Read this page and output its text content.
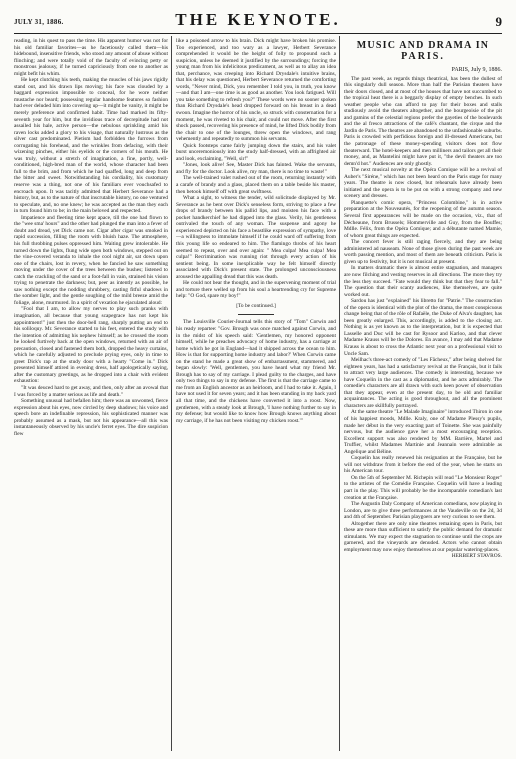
JULY 31, 1886.	THE KEYNOTE.	9

reading, in his quest to pass the time. His apparent humor was not for his old familiar favorites—as he facetiously called them—his hidebound, insensitive friends, who stood any amount of abuse without flinching; and were totally void of the faculty of evincing petty or monstrous jealousy, if he turned capriciously from one to another as might befit his whim.

He kept clutching his teeth, making the muscles of his jaws rigidly stand out, and his drawn lips moving; his face was clouded by a haggard expression impossible to conceal, for he wore neither mustache nor beard; possessing regular handsome features so fashion had ever deluded him into covering up—it might be vanity, it might be merely preference and confirmed habit. Time had marked its fifty-seventh year for him, but the invidious trace of decrepitude had not assailed his hale, active person—the nebulous sprinkling amid his raven locks added a glory to his visage, that naturally lustrous as the silver cast predominated. Pietism had forbidden the furrows from corrugating his forehead, and the wrinkles from defacing, with their wizening pinches, either his eyelids or the corners of his mouth. He was truly, without a stretch of imagination, a fine, portly, well-conditioned, high-bred man of the world, whose character had been full to the brim, and from which he had quaffed, long and deep from the bitter and sweet. Notwithstanding his cordiality, his customary reserve was a thing, not one of his familiars ever vouchsafed to encroach upon. It was tacitly admitted that Herbert Severance had a history, but, as to the nature of that inscrutable history, no one ventured to speculate, and, no one knew; he was accepted as the man they each in turn found him to be; in the main beloved and respected.

Impatience and fleeting time kept apace, till the one had flown to the "wee sma' hours" and the other had plunged the man into a fever of doubt and dread, yet Dick came not. Cigar after cigar was smoked in rapid succession, filling the room with bluish haze. The atmosphere, his full throbbing pulses oppressed him. Waiting grew intolerable. He turned down the lights, flung wide open both windows, stepped out on the vine-covered veranda to inhale the cool night air, sat down upon one of the chairs, lost in revery, when he fancied he saw something moving under the cover of the trees between the bushes; listened to catch the crackling of the sand or a foot-fall in vain, strained his vision trying to penetrate the darkness; but, peer as intently as possible, he saw nothing except the nodding shrubbery, casting fitful shadows in the somber light, and the gentle soughing of the mild breeze amid the foliage, alone, murmured. In a spirit of vexation he ejaculated aloud:

"Fool that I am, to allow my nerves to play such pranks with imagination, all because that young scapegrace has not kept his appointment!" just then the door-bell rang, sharply putting an end to his soliloquy. Mr. Severance started to his feet, entered the study with the intention of admitting his nephew himself; as he crossed the room he looked furtively back at the open windows, returned with an air of precaution, closed and fastened them both, dropped the heavy curtains, which he carefully adjusted to preclude prying eyes, only in time to greet Dick's rap at the study door with a hearty "Come in." Dick presented himself attired in evening dress, half apologetically saying, after the customary greetings, as he dropped into a chair with evident exhaustion:

"It was deuced hard to get away, and then, only after an avowal that I was forced by a matter serious as life and death."

Something unusual had befallen him; there was an unwonted, fierce expression about his eyes, now circled by deep shadows; his voice and speech bore an indefinable repression, his sophisticated manner was probably assumed as a mask, but not his appearance—all this was instantaneously observed by his uncle's ferret eyes. The dire suspicion flew

like a poisoned arrow to his brain. Dick might have broken his promise. Too experienced, and too wary as a lawyer, Herbert Severance comprehended it would be the height of folly to propound such a suspicion, unless he deemed it justified by the surroundings; forcing the young man from his infelicitous predicament, as well as to allay an idea that, perchance, was creeping into Richard Drysdale's intuitive brains, that his delay was questioned, Herbert Severance returned the comforting words, "Never mind, Dick, you remember I told you, in truth, you know—and that I am—one time is as good as another. You look fatigued. Will you take something to refresh you?" These words were no sooner spoken than Richard Drysdale's head dropped forward on his breast in a dead swoon. Imagine the horror of his uncle, so struck with consternation for a moment, he was riveted to his chair, and could not move. After the first shock passed, recovering his presence of mind, he lifted Dick bodily from the chair to one of the lounges, threw open the windows, and rang vehemently and repeatedly to summon his servants.

Quick footsteps came fairly jumping down the stairs, and his valet burst unceremoniously into the study half-dressed, with an affrighted air and look, exclaiming, "Well, sir!"

"Jones, look alive! See, Master Dick has fainted. Wake the servants, and fly for the doctor. Look alive, my man, there is no time to waste!"

The well-trained valet rushed out of the room, returning instantly with a carafe of brandy and a glass, placed them on a table beside his master, then betook himself off with great swiftness.

What a sight, to witness the tender, wild solicitude displayed by Mr. Severance as he bent over Dick's senseless form, striving to place a few drops of brandy between his pallid lips, and moisten his face with a pocket handkerchief he had dipped into the glass. Verily, his gentleness outrivaled the touch of any woman. The suspense and agony he experienced depicted on his face a beastlike expression of sympathy, love—a willingness to immolate himself if he could ward off suffering from this young life so endeared to him. The flamingo throbs of his heart seemed to repeat, over and over again: " Mea culpa! Mea culpa! Mea culpa!" Recrimination was running riot through every action of his sentient being. In some inexplicable way he felt himself directly associated with Dick's present state. The prolonged unconsciousness aroused the appalling dread that this was death.

He could not bear the thought, and in the supervening moment of trial and torture there welled up from his soul a heartrending cry for Supreme help: "O God, spare my boy!"

[To be continued.]

The Louisville Courier-Journal tells this story of "Tom" Corwin and his ready repartee: "Gov. Brough was once matched against Corwin, and in the midst of his speech said: 'Gentlemen, my honored opponent himself, while he preaches advocacy of home industry, has a carriage at home which he got in England—had it shipped across the ocean to him. How is that for supporting home industry and labor?' When Corwin came on the stand he made a great show of embarrassment, stammered, and began slowly: 'Well, gentlemen, you have heard what my friend Mr. Brough has to say of my carriage. I plead guilty to the charges, and have only two things to say in my defense. The first is that the carriage came to me from an English ancestor as an heirloom, and I had to take it. Again, I have not used it for seven years; and it has been standing in my back yard all that time, and the chickens have converted it into a roost. Now, gentlemen, with a steady look at Brough, 'I have nothing further to say in my defense; but would like to know how Brough knows anything about my carriage, if he has not been visiting my chicken roost.'"

MUSIC AND DRAMA IN
PARIS.
PARIS, July 9, 1886.

The past week, as regards things theatrical, has been the dullest of this singularly dull season. More than half the Parisian theaters have their doors closed, and at most of the houses that have not succumbed to the tropical heat there is a beggarly display of empty benches. In such weather people who can afford to pay for their boxes and stalls studiously avoid the theaters altogether, and the bourgeoisie of the pit and gamins of the celestial regions prefer the gayeties of the boulevards and the al fresco attractions of the café's chantant, the cirque and the Jardin de Paris. The theatres are abandoned to the unfashionable suburbs. Paris is crowded with perfidious foreign and ill-dressed Americans, but the patronage of these money-spending visitors does not flow theaterward. The hotel-keepers and men milliners and tailors get all their money, and, as Mantelini might have put it, "the devil theaters are too demn'd hot." Audiences are only ghostly.

The next musical novelty at the Opéra Comique will be a revival of Auber's "Siréne," which has not been heard on the Paris stage for many years. The theatre is now closed, but rehearsals have already been initiated and the opera is to be put on with a strong company and new scenery and dresses.

Planquette's comic opera, "Princess Colombine," is in active preparation at the Nouveautés, for the reopening of the autumn season. Several first appearances will be made on the occasion, viz., that of Décheaune, from Brussels; Hommerville and Guy, from the Bouffes; Mdlle. Félix, from the Opéra Comique; and a débutante named Mamie, of whom great things are expected.

The concert fever is still raging fiercely, and they are being administered ad nauseam. None of those given during the past week are worth passing mention, and most of them are beneath criticism. Paris is given up to festivity, but it is not musical at present.

In matters dramatic there is almost entire stagnation, and managers are now filching and vesting reserves in all directions. The more they try the less they succeed. "Fate would they think but that they fear to fall." The question that their scanty audiences, like themselves, are quite worked out.

Sardou has just "explained" his libretto for "Patrie." The construction of the opera is identical with the plot of the drama, the most conspicuous change being that of the rôle of Rafaële, the Duke of Alva's daughter, has been greatly enlarged. This, accordingly, is added to the closing act. Nothing is as yet known as to the interpretation, but it is expected that Lasselle and Duc will be cast for Rysoor and Karloo, and that clever Madame Krauss will be the Dolores. En avance, I may add that Madame Krauss is about to cross the Atlantic next year on a professional visit to Uncle Sam.

Meilhac's three-act comedy of "Les Fâcheux," after being shelved for eighteen years, has had a satisfactory revival at the Français, but it fails to attract very large audiences. The comedy is interesting, because we have Coquelin in the cast as a diplomatist, and he acts admirably. The comedie's characters are all drawn with such keen power of observation that they appear, even at the present day, to be old and familiar acquaintances. The acting is good throughout, and all the prominent characters are skillfully portrayed.

At the same theatre "Le Malade Imaginaire" introduced Thiron in one of his happiest moods, Mdlle. Kraly, one of Madame Plessy's pupils, made her début in the very exacting part of Toinette. She was painfully nervous, but the audience gave her a most encouraging reception. Excellent support was also rendered by MM. Barrière, Martel and Truffier, whilst Madames Martinie and Jeannain were admirable as Angelique and Béline.

Coquelin has really renewed his resignation at the Française, but he will not withdraw from it before the end of the year, when he starts on his American tour.

On the 5th of September M. Richepin will read "Le Monsieur Roger" to the artistes of the Comédie Française. Coquelin will have a leading part in the play. This will probably be the incomparable comedian's last creation at the Française.

The Augustin Daly Company of American comedians, now playing in London, are to give three performances at the Vaudeville on the 2d, 3d and 4th of September. Parisian playgoers are very curious to see them.

Altogether there are only nine theatres remaining open in Paris, but these are more than sufficient to satisfy the public demand for dramatic stimulants. We may expect the stagnation to continue until the crops are garnered, and the vineyards are denuded. Actors who cannot obtain employment may now enjoy themselves at our popular watering-places.

HERBERT STAVROS.
